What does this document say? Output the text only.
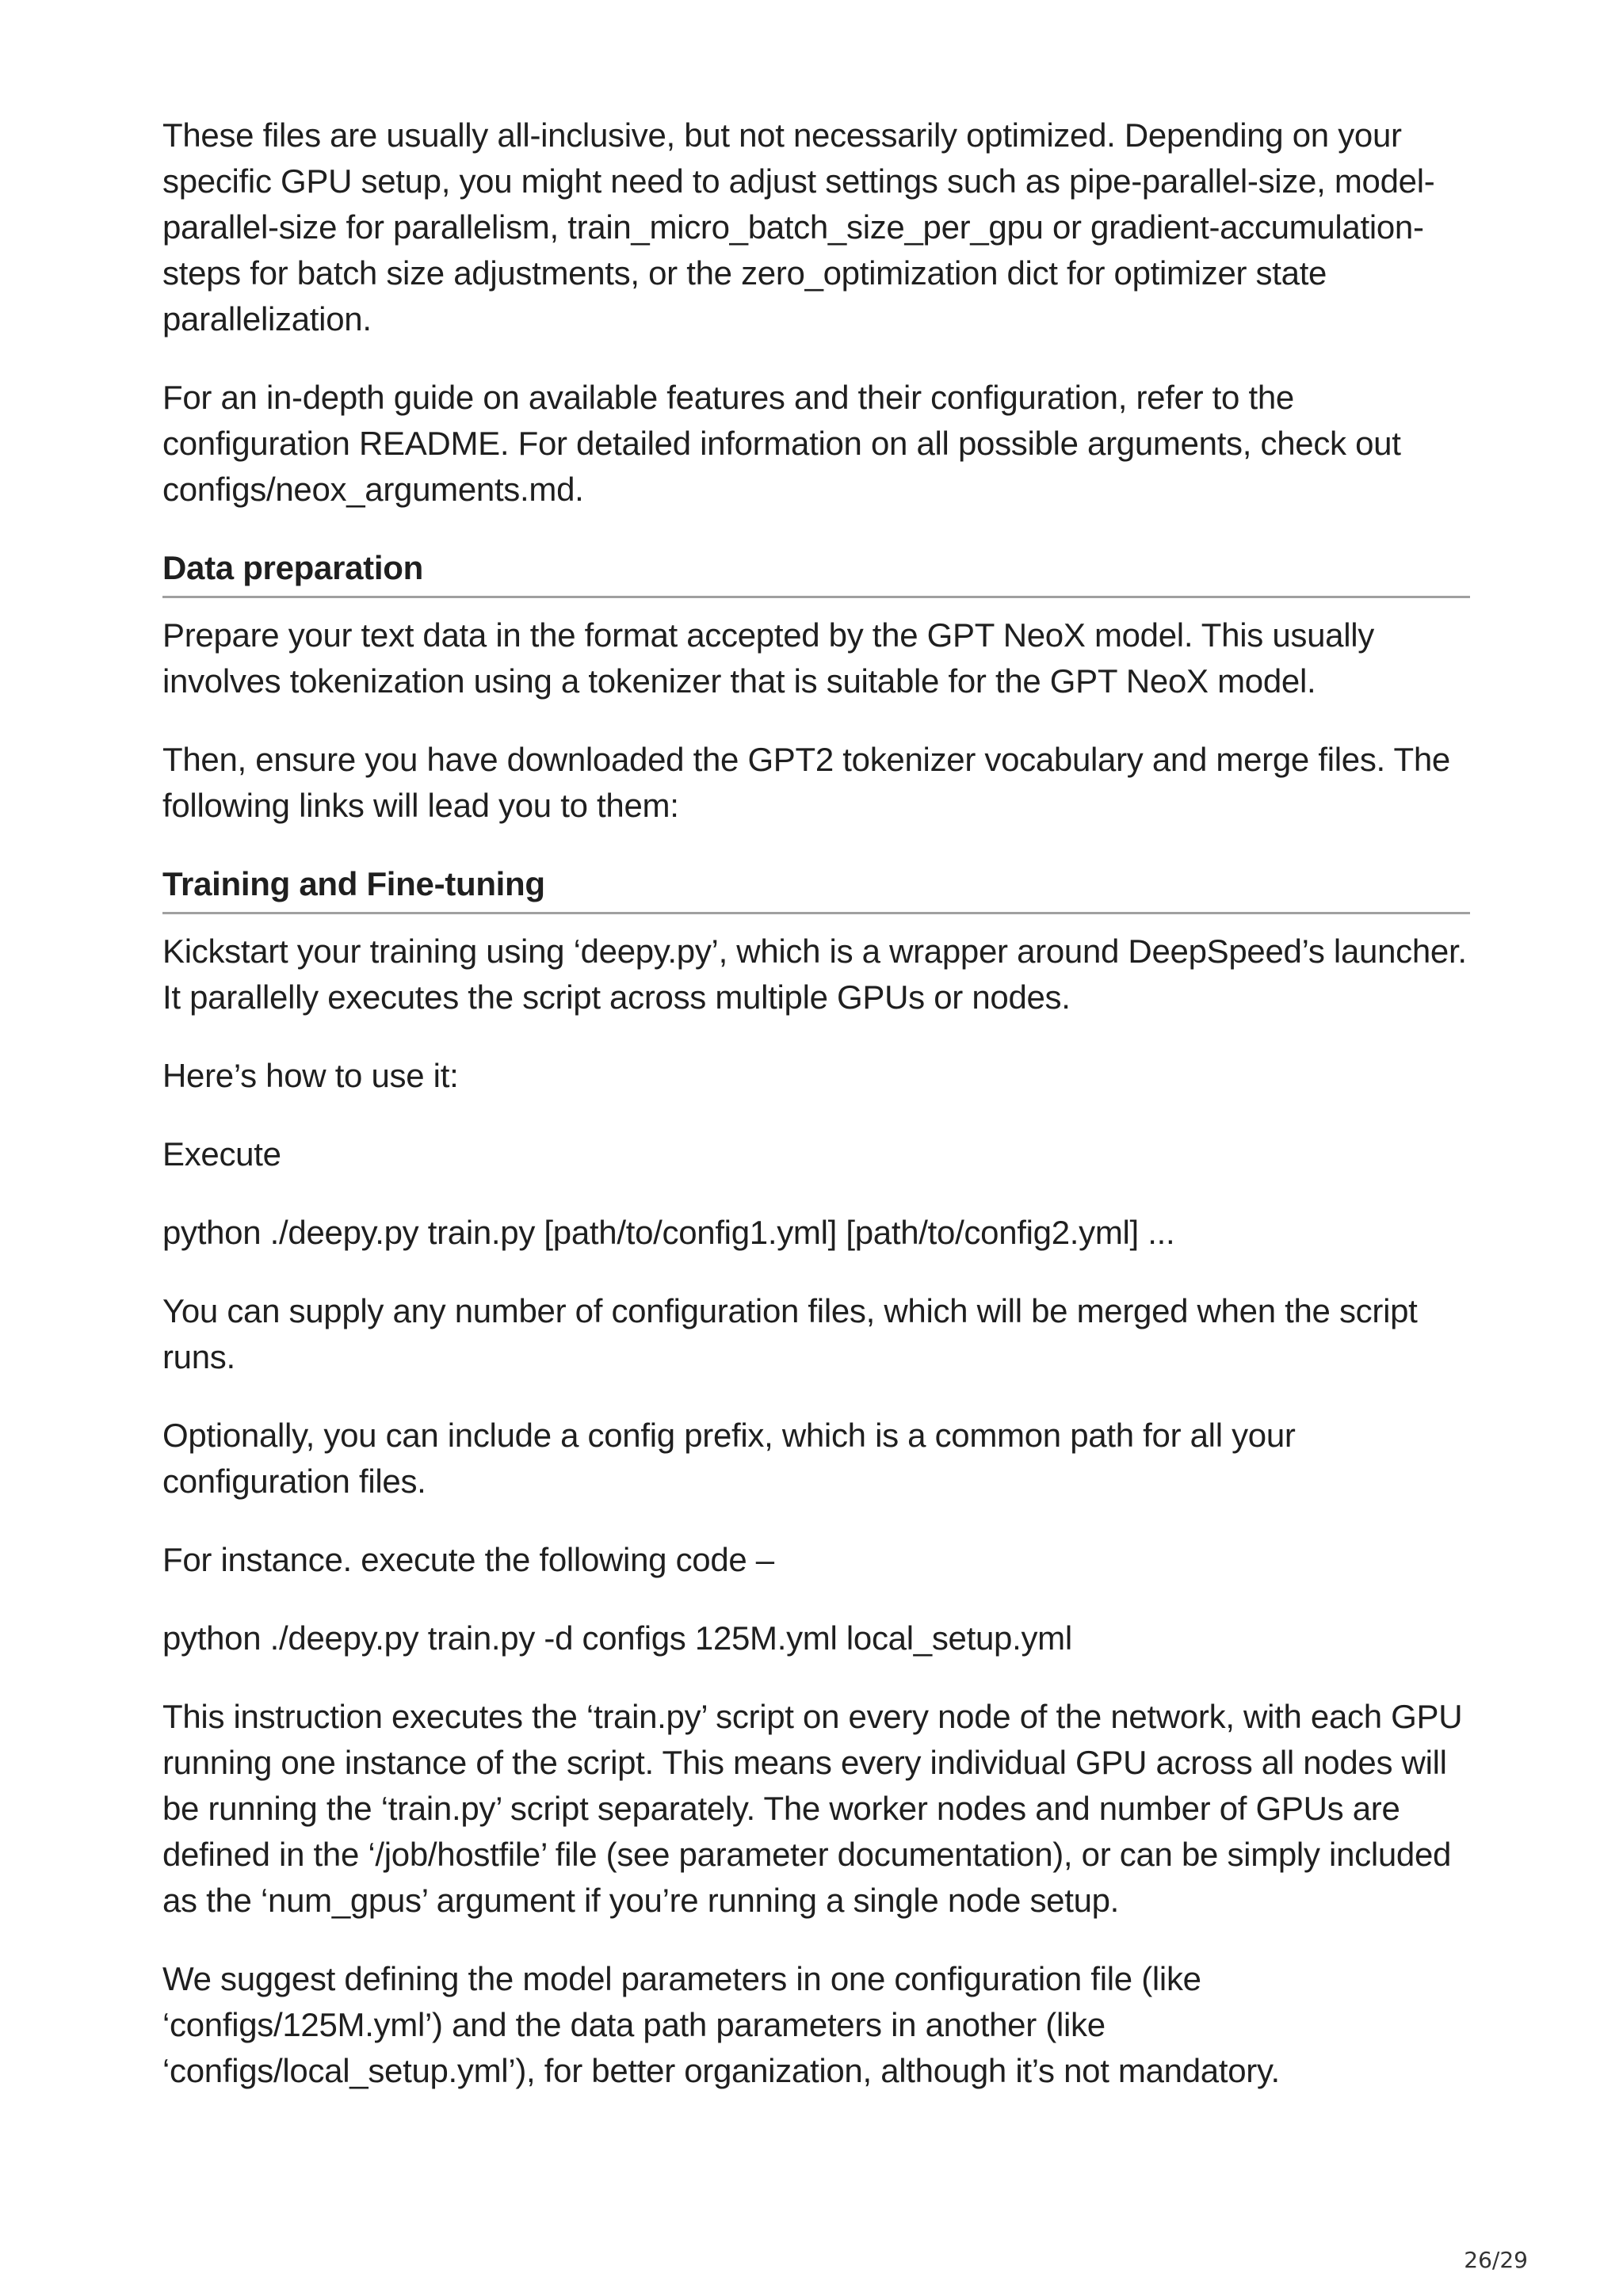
These files are usually all-inclusive, but not necessarily optimized. Depending on your specific GPU setup, you might need to adjust settings such as pipe-parallel-size, model-parallel-size for parallelism, train_micro_batch_size_per_gpu or gradient-accumulation-steps for batch size adjustments, or the zero_optimization dict for optimizer state parallelization.

For an in-depth guide on available features and their configuration, refer to the configuration README. For detailed information on all possible arguments, check out configs/neox_arguments.md.

Data preparation

Prepare your text data in the format accepted by the GPT NeoX model. This usually involves tokenization using a tokenizer that is suitable for the GPT NeoX model.

Then, ensure you have downloaded the GPT2 tokenizer vocabulary and merge files. The following links will lead you to them:

Training and Fine-tuning

Kickstart your training using ‘deepy.py’, which is a wrapper around DeepSpeed’s launcher. It parallelly executes the script across multiple GPUs or nodes.

Here’s how to use it:

Execute

python ./deepy.py train.py [path/to/config1.yml] [path/to/config2.yml] ...

You can supply any number of configuration files, which will be merged when the script runs.

Optionally, you can include a config prefix, which is a common path for all your configuration files.

For instance. execute the following code –

python ./deepy.py train.py -d configs 125M.yml local_setup.yml

This instruction executes the ‘train.py’ script on every node of the network, with each GPU running one instance of the script. This means every individual GPU across all nodes will be running the ‘train.py’ script separately. The worker nodes and number of GPUs are defined in the ‘/job/hostfile’ file (see parameter documentation), or can be simply included as the ‘num_gpus’ argument if you’re running a single node setup.

We suggest defining the model parameters in one configuration file (like ‘configs/125M.yml’) and the data path parameters in another (like ‘configs/local_setup.yml’), for better organization, although it’s not mandatory.

26/29
